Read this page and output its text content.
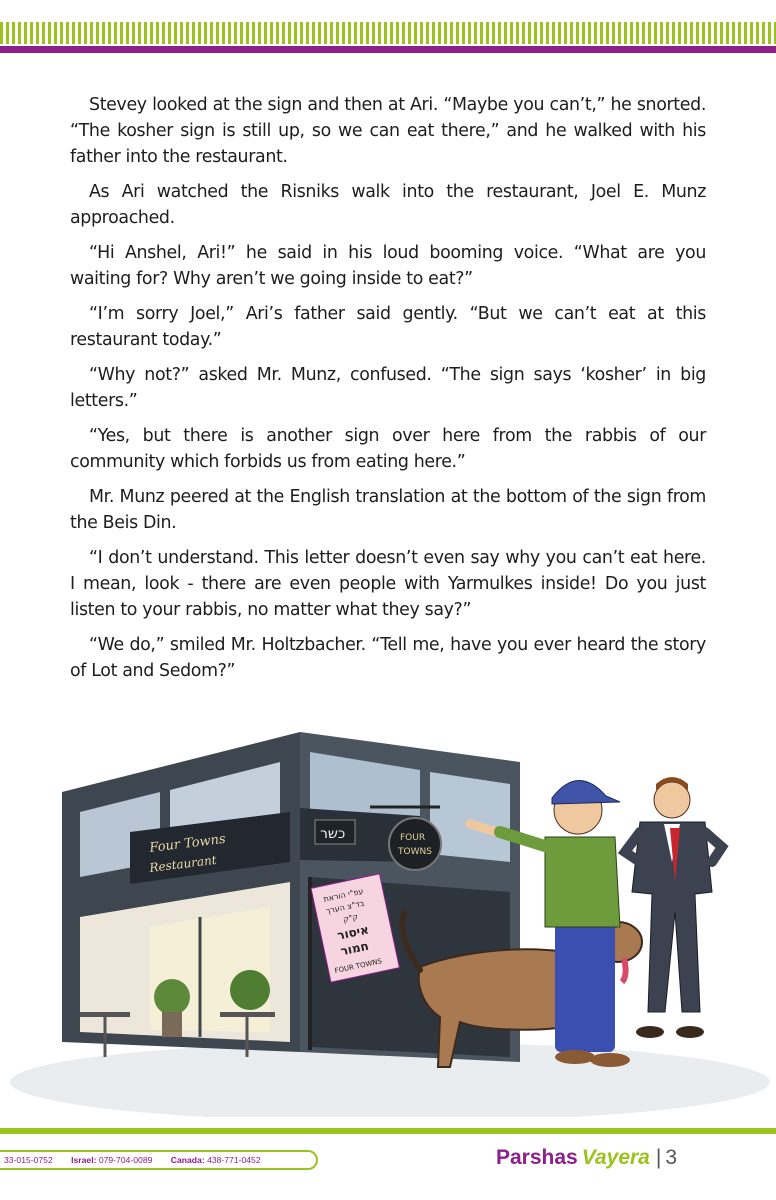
Stevey looked at the sign and then at Ari. “Maybe you can’t,” he snorted. “The kosher sign is still up, so we can eat there,” and he walked with his father into the restaurant.

As Ari watched the Risniks walk into the restaurant, Joel E. Munz approached.

“Hi Anshel, Ari!” he said in his loud booming voice. “What are you waiting for? Why aren’t we going inside to eat?”

“I’m sorry Joel,” Ari’s father said gently. “But we can’t eat at this restaurant today.”

“Why not?” asked Mr. Munz, confused. “The sign says ‘kosher’ in big letters.”

“Yes, but there is another sign over here from the rabbis of our community which forbids us from eating here.”

Mr. Munz peered at the English translation at the bottom of the sign from the Beis Din.

“I don’t understand. This letter doesn’t even say why you can’t eat here. I mean, look - there are even people with Yarmulkes inside! Do you just listen to your rabbis, no matter what they say?”

“We do,” smiled Mr. Holtzbacher. “Tell me, have you ever heard the story of Lot and Sedom?”

Four Towns
Restaurant
כשר	FOUR
TOWNS
עפ"י הוראת
בד"צ הערך
ק"ק
איסור
חמור
FOUR TOWNS
33-015-0752 Israel: 079-704-0089 Canada: 438-771-0452	Parshas Vayera | 3
